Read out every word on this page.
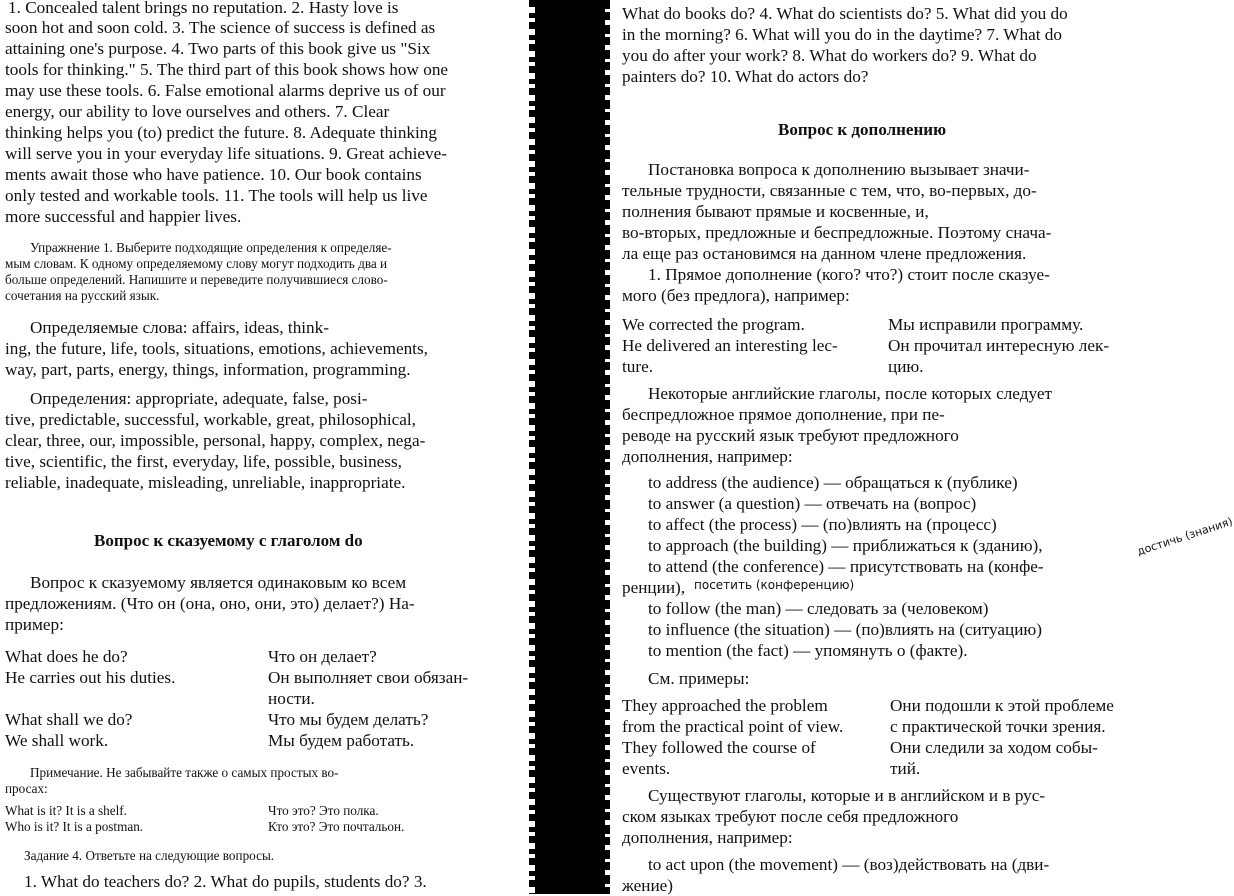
1. Concealed talent brings no reputation. 2. Hasty love is
soon hot and soon cold. 3. The science of success is defined as
attaining one's purpose. 4. Two parts of this book give us "Six
tools for thinking." 5. The third part of this book shows how one
may use these tools. 6. False emotional alarms deprive us of our
energy, our ability to love ourselves and others. 7. Clear
thinking helps you (to) predict the future. 8. Adequate thinking
will serve you in your everyday life situations. 9. Great achieve-
ments await those who have patience. 10. Our book contains
only tested and workable tools. 11. The tools will help us live
more successful and happier lives.
Упражнение 1. Выберите подходящие определения к определяе-
мым словам. К одному определяемому слову могут подходить два и
больше определений. Напишите и переведите получившиеся слово-
сочетания на русский язык.
Определяемые слова: affairs, ideas, think-
ing, the future, life, tools, situations, emotions, achievements,
way, part, parts, energy, things, information, programming.
Определения: appropriate, adequate, false, posi-
tive, predictable, successful, workable, great, philosophical,
clear, three, our, impossible, personal, happy, complex, nega-
tive, scientific, the first, everyday, life, possible, business,
reliable, inadequate, misleading, unreliable, inappropriate.
Вопрос к сказуемому с глаголом do
Вопрос к сказуемому является одинаковым ко всем
предложениям. (Что он (она, оно, они, это) делает?) На-
пример:
What does he do?	Что он делает?
He carries out his duties.	Он выполняет свои обязан-
ности.
What shall we do?	Что мы будем делать?
We shall work.	Мы будем работать.
Примечание. Не забывайте также о самых простых во-
просах:
What is it? It is a shelf.	Что это? Это полка.
Who is it? It is a postman.	Кто это? Это почтальон.
Задание 4. Ответьте на следующие вопросы.
1. What do teachers do? 2. What do pupils, students do? 3.
What do books do? 4. What do scientists do? 5. What did you do
in the morning? 6. What will you do in the daytime? 7. What do
you do after your work? 8. What do workers do? 9. What do
painters do? 10. What do actors do?
Вопрос к дополнению
Постановка вопроса к дополнению вызывает значи-
тельные трудности, связанные с тем, что, во-первых, до-
полнения бывают прямые и косвенные, и,
во-вторых, предложные и беспредложные. Поэтому снача-
ла еще раз остановимся на данном члене предложения.
1. Прямое дополнение (кого? что?) стоит после сказуе-
мого (без предлога), например:
We corrected the program.	Мы исправили программу.
He delivered an interesting lec-	Он прочитал интересную лек-
ture.	цию.
Некоторые английские глаголы, после которых следует
беспредложное прямое дополнение, при пе-
реводе на русский язык требуют предложного
дополнения, например:
to address (the audience) — обращаться к (публике)
to answer (a question) — отвечать на (вопрос)
to affect (the process) — (по)влиять на (процесс)
to approach (the building) — приближаться к (зданию),
to attend (the conference) — присутствовать на (конфе-
ренции), посетить (конференцию)
достичь (знания)
to follow (the man) — следовать за (человеком)
to influence (the situation) — (по)влиять на (ситуацию)
to mention (the fact) — упомянуть о (факте).
См. примеры:
They approached the problem	Они подошли к этой проблеме
from the practical point of view.	с практической точки зрения.
They followed the course of	Они следили за ходом собы-
events.	тий.
Существуют глаголы, которые и в английском и в рус-
ском языках требуют после себя предложного
дополнения, например:
to act upon (the movement) — (воз)действовать на (дви-
жение)
